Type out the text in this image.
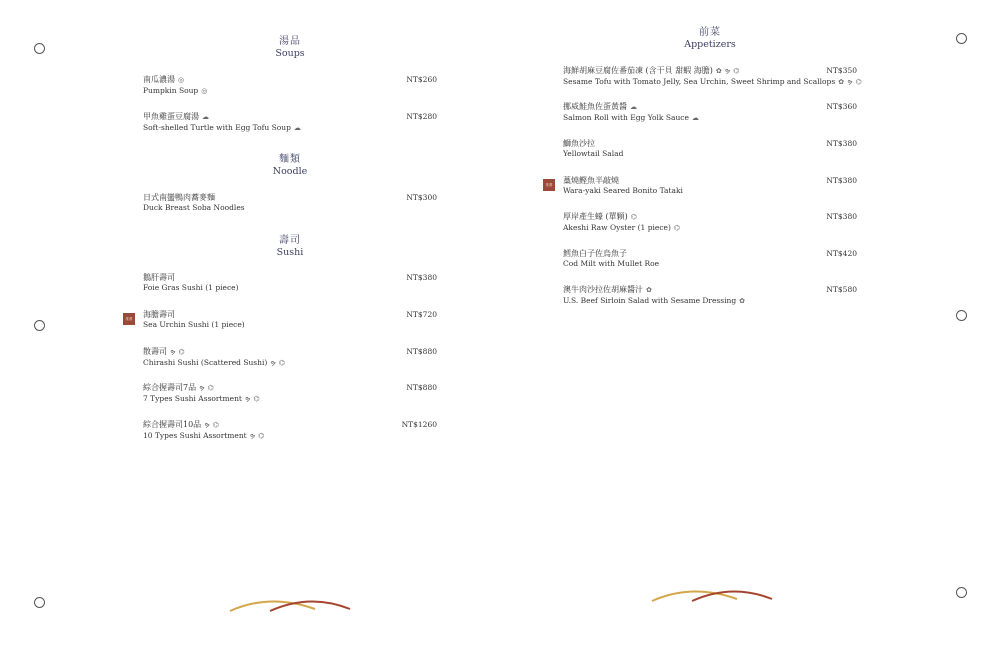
湯品
Soups
南瓜濃湯◎
Pumpkin Soup◎
NT$260
甲魚雞蛋豆腐湯☁
Soft-shelled Turtle with Egg Tofu Soup☁
NT$280
麵類
Noodle
日式南蠻鴨肉蕎麥麵
Duck Breast Soba Noodles
NT$300
壽司
Sushi
鵝肝壽司
Foie Gras Sushi (1 piece)
NT$380
推薦	海膽壽司
Sea Urchin Sushi (1 piece)
NT$720
散壽司ຯ⌬
Chirashi Sushi (Scattered Sushi)ຯ⌬
NT$880
綜合握壽司7品ຯ⌬
7 Types Sushi Assortmentຯ⌬
NT$880
綜合握壽司10品ຯ⌬
10 Types Sushi Assortmentຯ⌬
NT$1260
前菜
Appetizers
海鮮胡麻豆腐佐番茄凍 (含干貝 甜蝦 海膽)✿ຯ⌬
Sesame Tofu with Tomato Jelly, Sea Urchin, Sweet Shrimp and Scallops✿ຯ⌬
NT$350
挪威鮭魚佐蛋黃醬☁
Salmon Roll with Egg Yolk Sauce☁
NT$360
鰤魚沙拉
Yellowtail Salad
NT$380
推薦	藁燒鰹魚半敲燒
Wara-yaki Seared Bonito Tataki
NT$380
厚岸產生蠔 (單顆)⌬
Akeshi Raw Oyster (1 piece)⌬
NT$380
鱈魚白子佐烏魚子
Cod Milt with Mullet Roe
NT$420
澳牛肉沙拉佐胡麻醬汁✿
U.S. Beef Sirloin Salad with Sesame Dressing✿
NT$580
